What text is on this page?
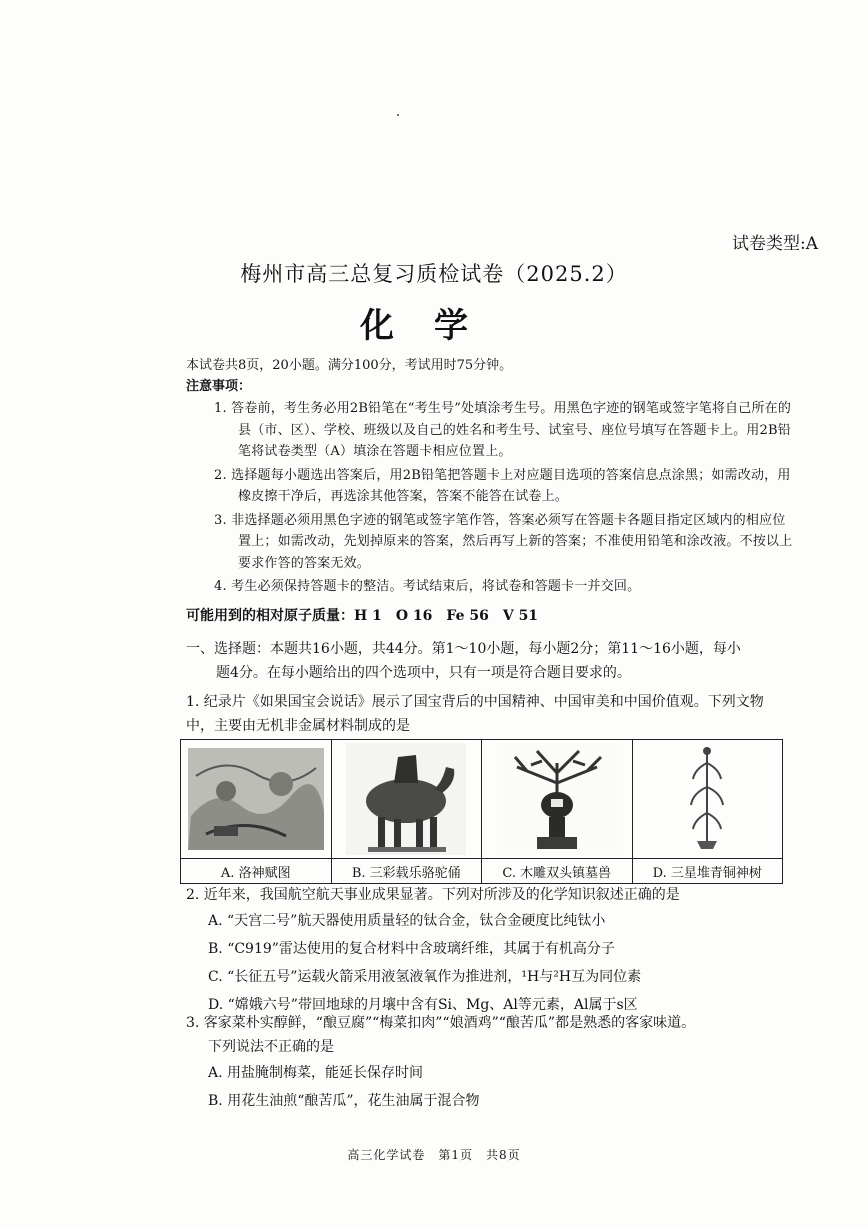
试卷类型:A
梅州市高三总复习质检试卷（2025.2）
化学
本试卷共8页，20小题。满分100分，考试用时75分钟。
注意事项：
1. 答卷前，考生务必用2B铅笔在“考生号”处填涂考生号。用黑色字迹的钢笔或签字笔将自己所在的县（市、区）、学校、班级以及自己的姓名和考生号、试室号、座位号填写在答题卡上。用2B铅笔将试卷类型（A）填涂在答题卡相应位置上。
2. 选择题每小题选出答案后，用2B铅笔把答题卡上对应题目选项的答案信息点涂黑；如需改动，用橡皮擦干净后，再选涂其他答案，答案不能答在试卷上。
3. 非选择题必须用黑色字迹的钢笔或签字笔作答，答案必须写在答题卡各题目指定区域内的相应位置上；如需改动，先划掉原来的答案，然后再写上新的答案；不准使用铅笔和涂改液。不按以上要求作答的答案无效。
4. 考生必须保持答题卡的整洁。考试结束后，将试卷和答题卡一并交回。
可能用到的相对原子质量：H 1　O 16　Fe 56　V 51
一、选择题：本题共16小题，共44分。第1～10小题，每小题2分；第11～16小题，每小
题4分。在每小题给出的四个选项中，只有一项是符合题目要求的。
1. 纪录片《如果国宝会说话》展示了国宝背后的中国精神、中国审美和中国价值观。下列文物中，主要由无机非金属材料制成的是

A. 洛神赋图	B. 三彩载乐骆驼俑	C. 木雕双头镇墓兽	D. 三星堆青铜神树
2. 近年来，我国航空航天事业成果显著。下列对所涉及的化学知识叙述正确的是
A. “天宫二号”航天器使用质量轻的钛合金，钛合金硬度比纯钛小
B. “C919”雷达使用的复合材料中含玻璃纤维，其属于有机高分子
C. “长征五号”运载火箭采用液氢液氧作为推进剂，¹H与²H互为同位素
D. “嫦娥六号”带回地球的月壤中含有Si、Mg、Al等元素，Al属于s区
3. 客家菜朴实醇鲜，“酿豆腐”“梅菜扣肉”“娘酒鸡”“酿苦瓜”都是熟悉的客家味道。
下列说法不正确的是
A. 用盐腌制梅菜，能延长保存时间
B. 用花生油煎“酿苦瓜”，花生油属于混合物
高三化学试卷　第1页　共8页
